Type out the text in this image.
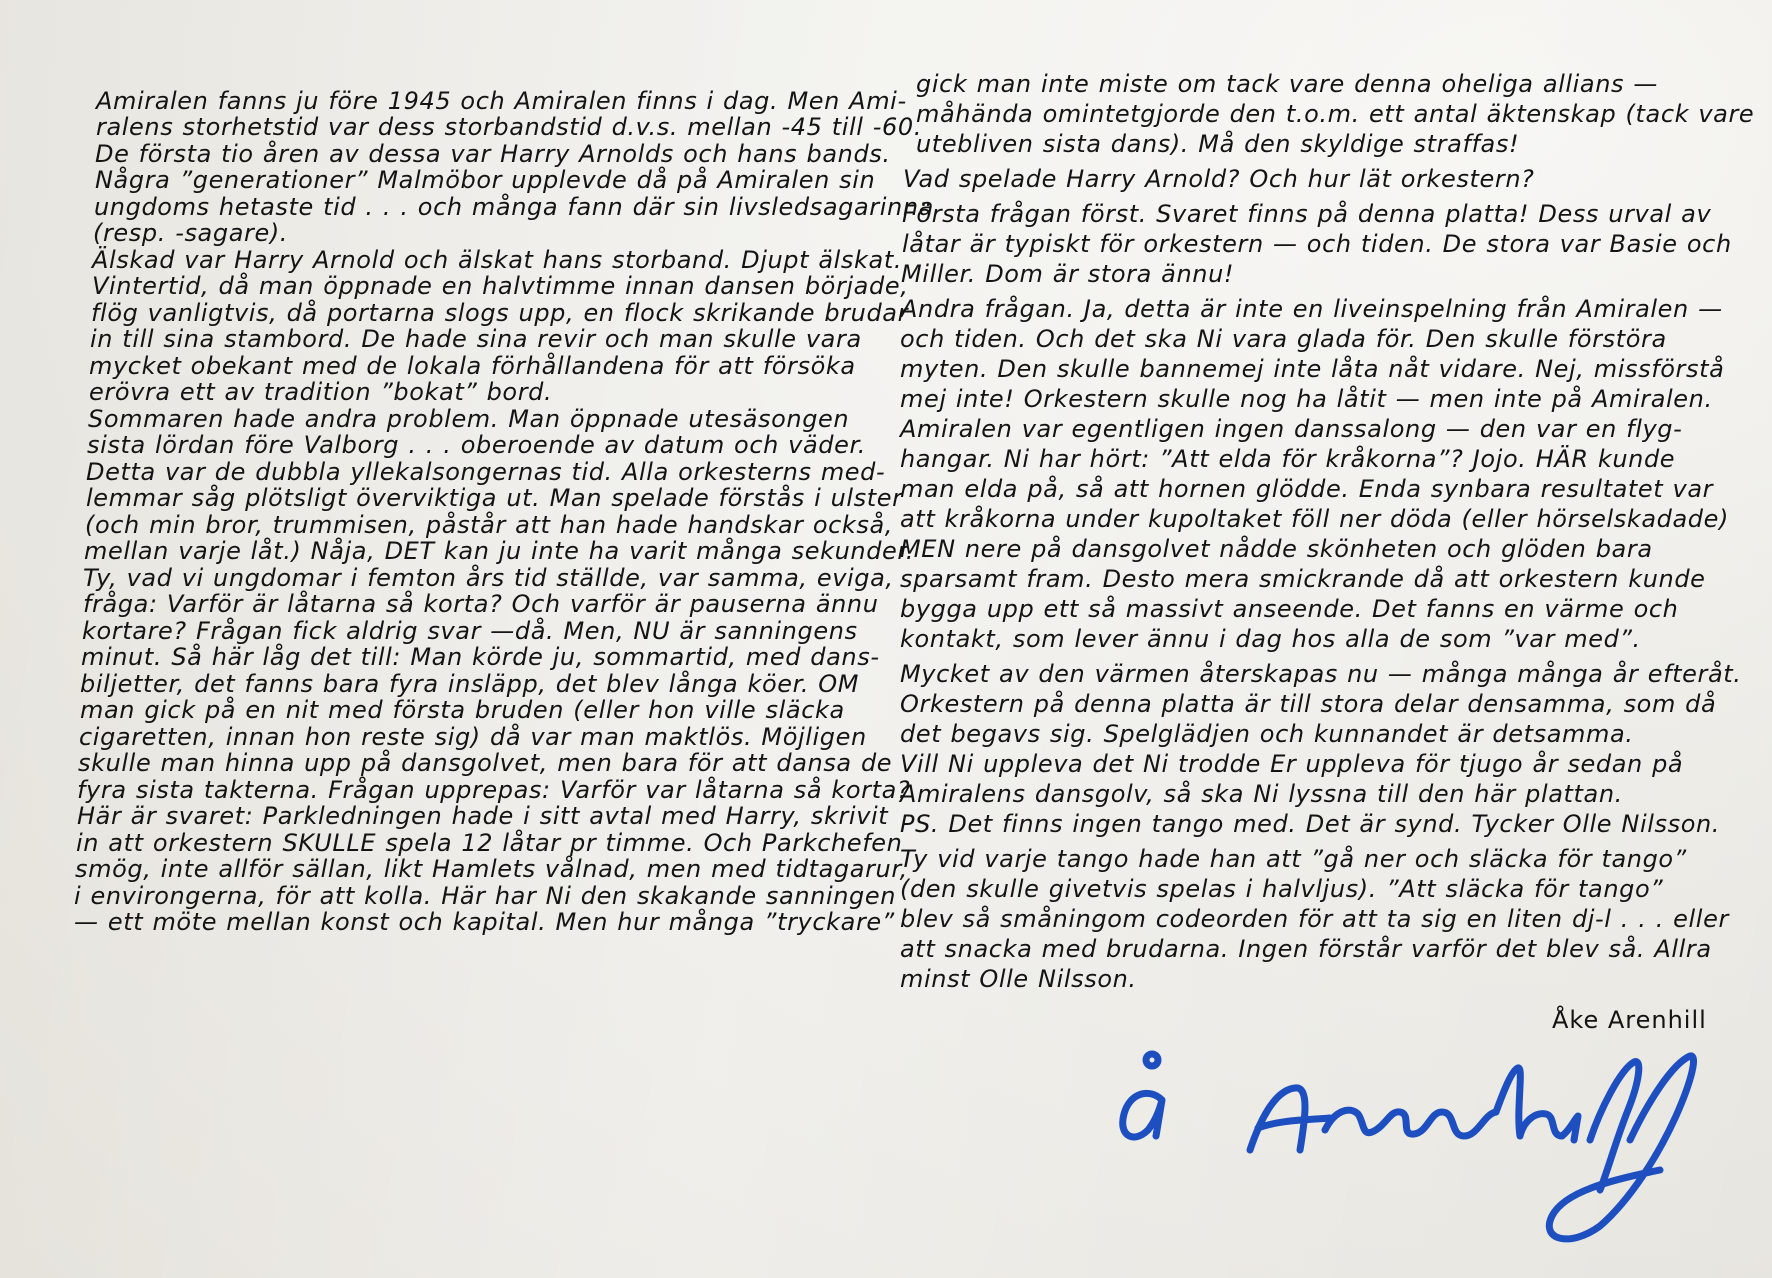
Amiralen fanns ju före 1945 och Amiralen finns i dag. Men Ami-
ralens storhetstid var dess storbandstid d.v.s. mellan -45 till -60.
De första tio åren av dessa var Harry Arnolds och hans bands.
Några ”generationer” Malmöbor upplevde då på Amiralen sin
ungdoms hetaste tid . . . och många fann där sin livsledsagarinna
(resp. -sagare).
Älskad var Harry Arnold och älskat hans storband. Djupt älskat.
Vintertid, då man öppnade en halvtimme innan dansen började,
flög vanligtvis, då portarna slogs upp, en flock skrikande brudar
in till sina stambord. De hade sina revir och man skulle vara
mycket obekant med de lokala förhållandena för att försöka
erövra ett av tradition ”bokat” bord.
Sommaren hade andra problem. Man öppnade utesäsongen
sista lördan före Valborg . . . oberoende av datum och väder.
Detta var de dubbla yllekalsongernas tid. Alla orkesterns med-
lemmar såg plötsligt överviktiga ut. Man spelade förstås i ulster
(och min bror, trummisen, påstår att han hade handskar också,
mellan varje låt.) Nåja, DET kan ju inte ha varit många sekunder.
Ty, vad vi ungdomar i femton års tid ställde, var samma, eviga,
fråga: Varför är låtarna så korta? Och varför är pauserna ännu
kortare? Frågan fick aldrig svar —då. Men, NU är sanningens
minut. Så här låg det till: Man körde ju, sommartid, med dans-
biljetter, det fanns bara fyra insläpp, det blev långa köer. OM
man gick på en nit med första bruden (eller hon ville släcka
cigaretten, innan hon reste sig) då var man maktlös. Möjligen
skulle man hinna upp på dansgolvet, men bara för att dansa de
fyra sista takterna. Frågan upprepas: Varför var låtarna så korta?
Här är svaret: Parkledningen hade i sitt avtal med Harry, skrivit
in att orkestern SKULLE spela 12 låtar pr timme. Och Parkchefen
smög, inte allför sällan, likt Hamlets vålnad, men med tidtagarur,
i environgerna, för att kolla. Här har Ni den skakande sanningen
— ett möte mellan konst och kapital. Men hur många ”tryckare”
gick man inte miste om tack vare denna oheliga allians —
måhända omintetgjorde den t.o.m. ett antal äktenskap (tack vare
utebliven sista dans). Må den skyldige straffas!
Vad spelade Harry Arnold? Och hur lät orkestern?
Första frågan först. Svaret finns på denna platta! Dess urval av
låtar är typiskt för orkestern — och tiden. De stora var Basie och
Miller. Dom är stora ännu!
Andra frågan. Ja, detta är inte en liveinspelning från Amiralen —
och tiden. Och det ska Ni vara glada för. Den skulle förstöra
myten. Den skulle bannemej inte låta nåt vidare. Nej, missförstå
mej inte! Orkestern skulle nog ha låtit — men inte på Amiralen.
Amiralen var egentligen ingen danssalong — den var en flyg-
hangar. Ni har hört: ”Att elda för kråkorna”? Jojo. HÄR kunde
man elda på, så att hornen glödde. Enda synbara resultatet var
att kråkorna under kupoltaket föll ner döda (eller hörselskadade)
MEN nere på dansgolvet nådde skönheten och glöden bara
sparsamt fram. Desto mera smickrande då att orkestern kunde
bygga upp ett så massivt anseende. Det fanns en värme och
kontakt, som lever ännu i dag hos alla de som ”var med”.
Mycket av den värmen återskapas nu — många många år efteråt.
Orkestern på denna platta är till stora delar densamma, som då
det begavs sig. Spelglädjen och kunnandet är detsamma.
Vill Ni uppleva det Ni trodde Er uppleva för tjugo år sedan på
Amiralens dansgolv, så ska Ni lyssna till den här plattan.
PS. Det finns ingen tango med. Det är synd. Tycker Olle Nilsson.
Ty vid varje tango hade han att ”gå ner och släcka för tango”
(den skulle givetvis spelas i halvljus). ”Att släcka för tango”
blev så småningom codeorden för att ta sig en liten dj-l . . . eller
att snacka med brudarna. Ingen förstår varför det blev så. Allra
minst Olle Nilsson.
Åke Arenhill
